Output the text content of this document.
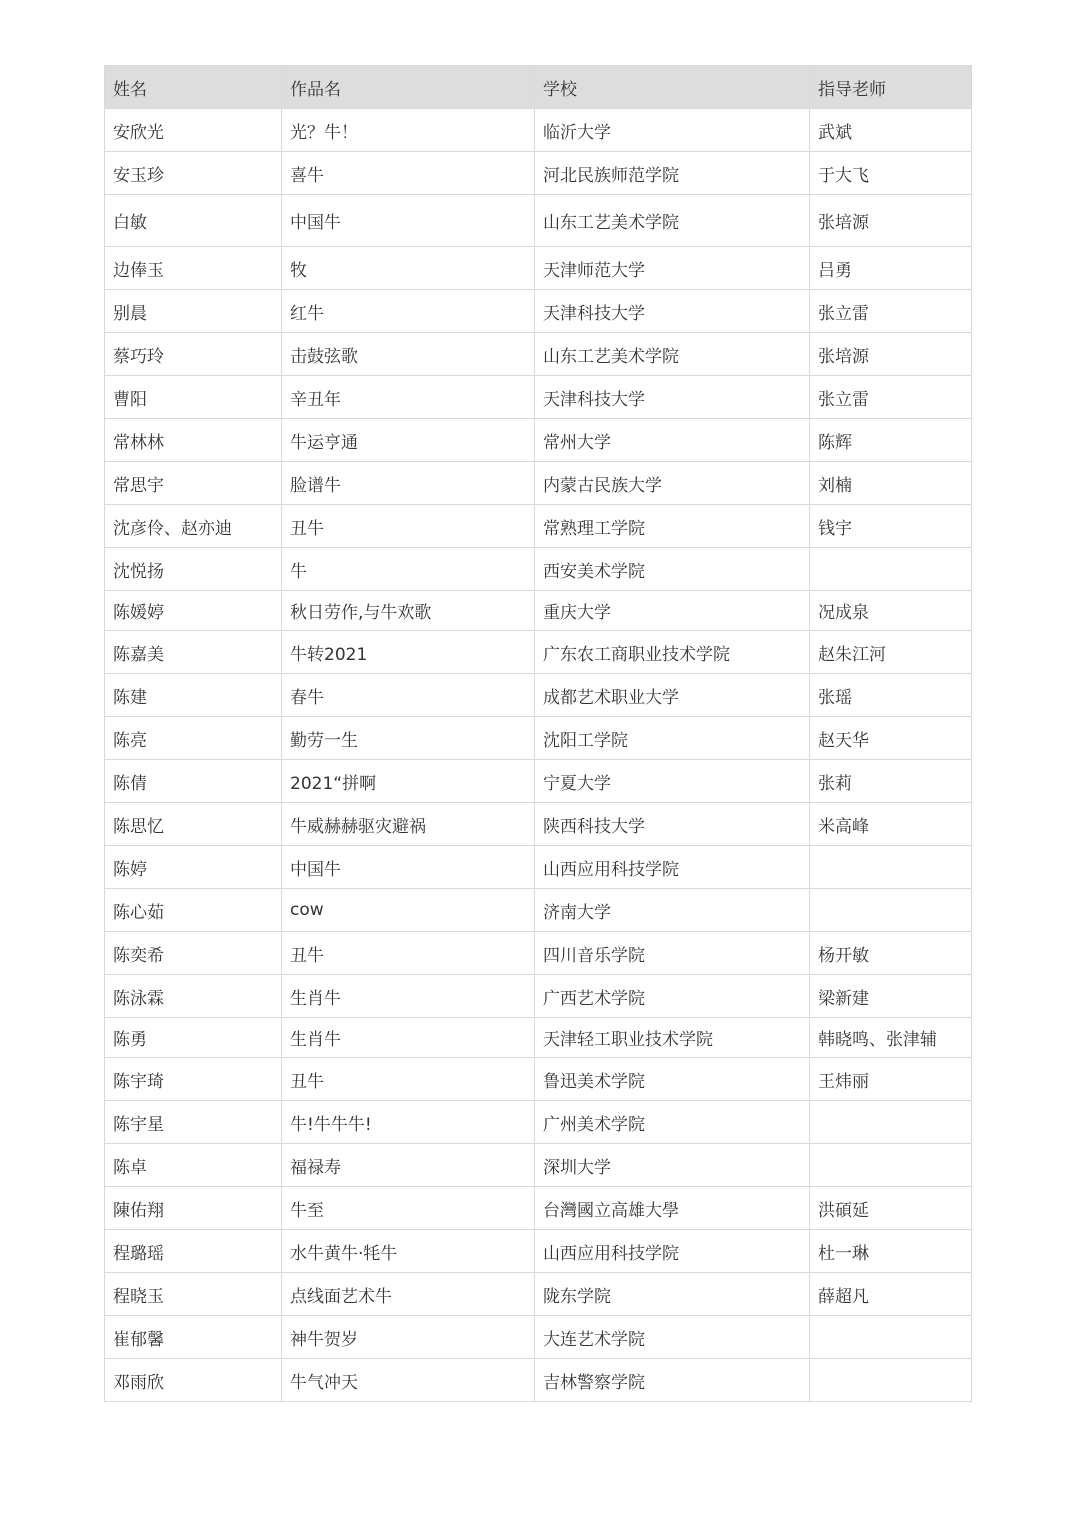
姓名	作品名	学校	指导老师
安欣光	光？牛！	临沂大学	武斌
安玉珍	喜牛	河北民族师范学院	于大飞
白敏	中国牛	山东工艺美术学院	张培源
边俸玉	牧	天津师范大学	吕勇
别晨	红牛	天津科技大学	张立雷
蔡巧玲	击鼓弦歌	山东工艺美术学院	张培源
曹阳	辛丑年	天津科技大学	张立雷
常林林	牛运亨通	常州大学	陈辉
常思宇	脸谱牛	内蒙古民族大学	刘楠
沈彦伶、赵亦迪	丑牛	常熟理工学院	钱宇
沈悦扬	牛	西安美术学院	
陈媛婷	秋日劳作,与牛欢歌	重庆大学	况成泉
陈嘉美	牛转2021	广东农工商职业技术学院	赵朱江河
陈建	春牛	成都艺术职业大学	张瑶
陈亮	勤劳一生	沈阳工学院	赵天华
陈倩	2021“拼啊	宁夏大学	张莉
陈思忆	牛威赫赫驱灾避祸	陕西科技大学	米高峰
陈婷	中国牛	山西应用科技学院	
陈心茹	cow	济南大学	
陈奕希	丑牛	四川音乐学院	杨开敏
陈泳霖	生肖牛	广西艺术学院	梁新建
陈勇	生肖牛	天津轻工职业技术学院	韩晓鸣、张津辅
陈宇琦	丑牛	鲁迅美术学院	王炜丽
陈宇星	牛!牛牛牛!	广州美术学院	
陈卓	福禄寿	深圳大学	
陳佑翔	牛至	台灣國立高雄大學	洪碩延
程璐瑶	水牛黄牛·牦牛	山西应用科技学院	杜一琳
程晓玉	点线面艺术牛	陇东学院	薛超凡
崔郁馨	神牛贺岁	大连艺术学院	
邓雨欣	牛气冲天	吉林警察学院	
